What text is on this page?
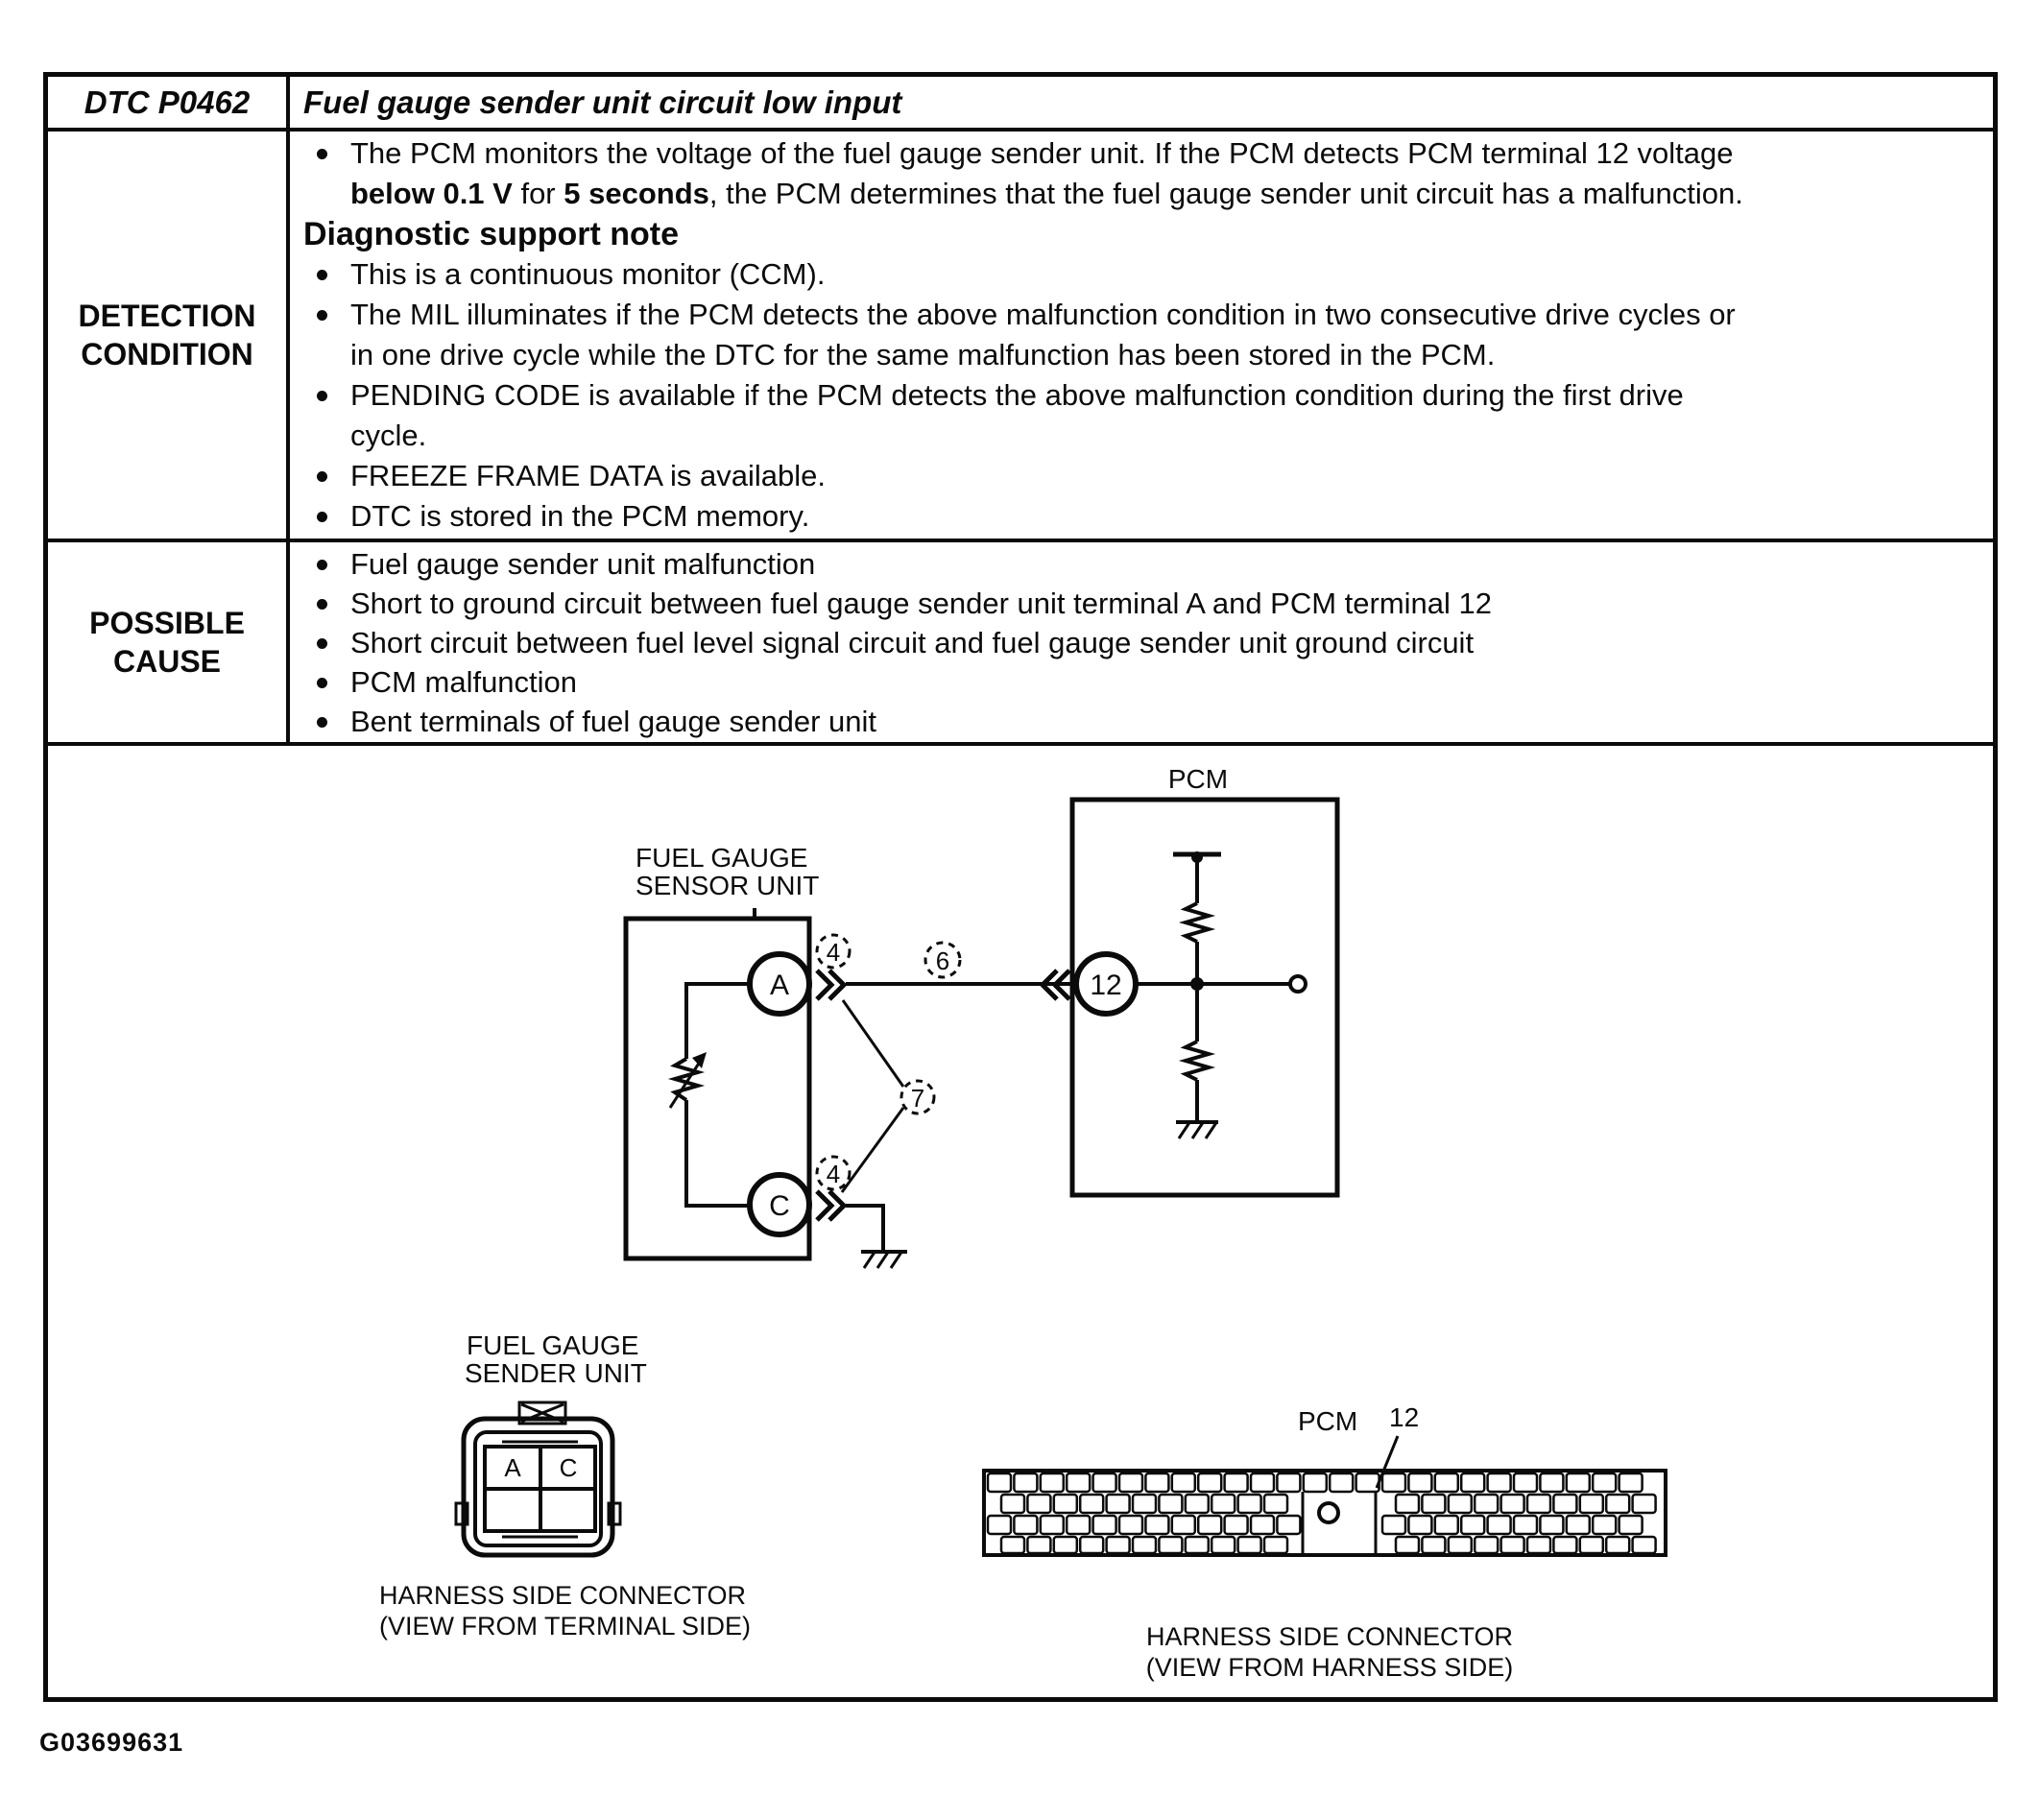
DTC P0462	Fuel gauge sender unit circuit low input
DETECTION CONDITION
The PCM monitors the voltage of the fuel gauge sender unit. If the PCM detects PCM terminal 12 voltage
below 0.1 V for 5 seconds, the PCM determines that the fuel gauge sender unit circuit has a malfunction.
Diagnostic support note
This is a continuous monitor (CCM).
The MIL illuminates if the PCM detects the above malfunction condition in two consecutive drive cycles or
in one drive cycle while the DTC for the same malfunction has been stored in the PCM.
PENDING CODE is available if the PCM detects the above malfunction condition during the first drive
cycle.
FREEZE FRAME DATA is available.
DTC is stored in the PCM memory.
POSSIBLE CAUSE
Fuel gauge sender unit malfunction
Short to ground circuit between fuel gauge sender unit terminal A and PCM terminal 12
Short circuit between fuel level signal circuit and fuel gauge sender unit ground circuit
PCM malfunction
Bent terminals of fuel gauge sender unit
PCM
FUEL GAUGE
SENSOR UNIT
A	12
C
4	6
7
4
FUEL GAUGE
SENDER UNIT
A C
HARNESS SIDE CONNECTOR
(VIEW FROM TERMINAL SIDE)
PCM 12
HARNESS SIDE CONNECTOR
(VIEW FROM HARNESS SIDE)
G03699631
